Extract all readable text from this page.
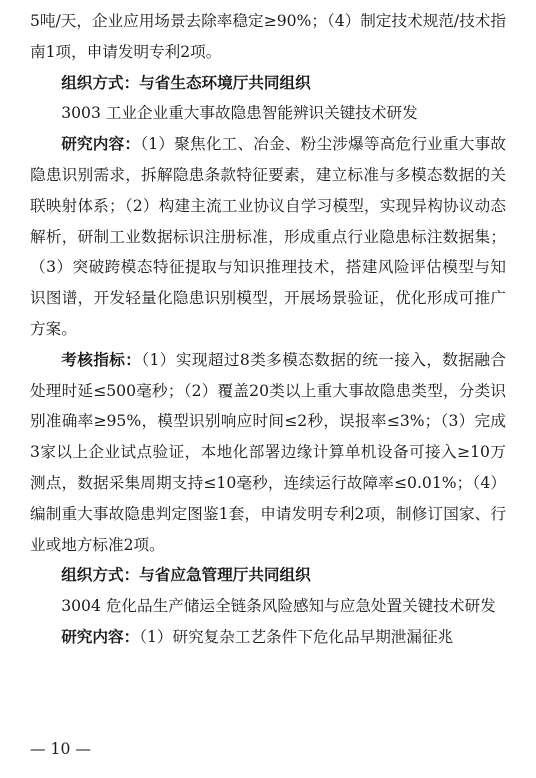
5吨/天，企业应用场景去除率稳定≥90%；（4）制定技术规范/技术指南1项，申请发明专利2项。

组织方式：与省生态环境厅共同组织

3003 工业企业重大事故隐患智能辨识关键技术研发

研究内容：（1）聚焦化工、冶金、粉尘涉爆等高危行业重大事故隐患识别需求，拆解隐患条款特征要素，建立标准与多模态数据的关联映射体系；（2）构建主流工业协议自学习模型，实现异构协议动态解析，研制工业数据标识注册标准，形成重点行业隐患标注数据集；（3）突破跨模态特征提取与知识推理技术，搭建风险评估模型与知识图谱，开发轻量化隐患识别模型，开展场景验证，优化形成可推广方案。

考核指标：（1）实现超过8类多模态数据的统一接入，数据融合处理时延≤500毫秒；（2）覆盖20类以上重大事故隐患类型，分类识别准确率≥95%，模型识别响应时间≤2秒，误报率≤3%；（3）完成3家以上企业试点验证，本地化部署边缘计算单机设备可接入≥10万测点，数据采集周期支持≤10毫秒，连续运行故障率≤0.01%；（4）编制重大事故隐患判定图鉴1套，申请发明专利2项，制修订国家、行业或地方标准2项。

组织方式：与省应急管理厅共同组织

3004 危化品生产储运全链条风险感知与应急处置关键技术研发

研究内容：（1）研究复杂工艺条件下危化品早期泄漏征兆

— 10 —
